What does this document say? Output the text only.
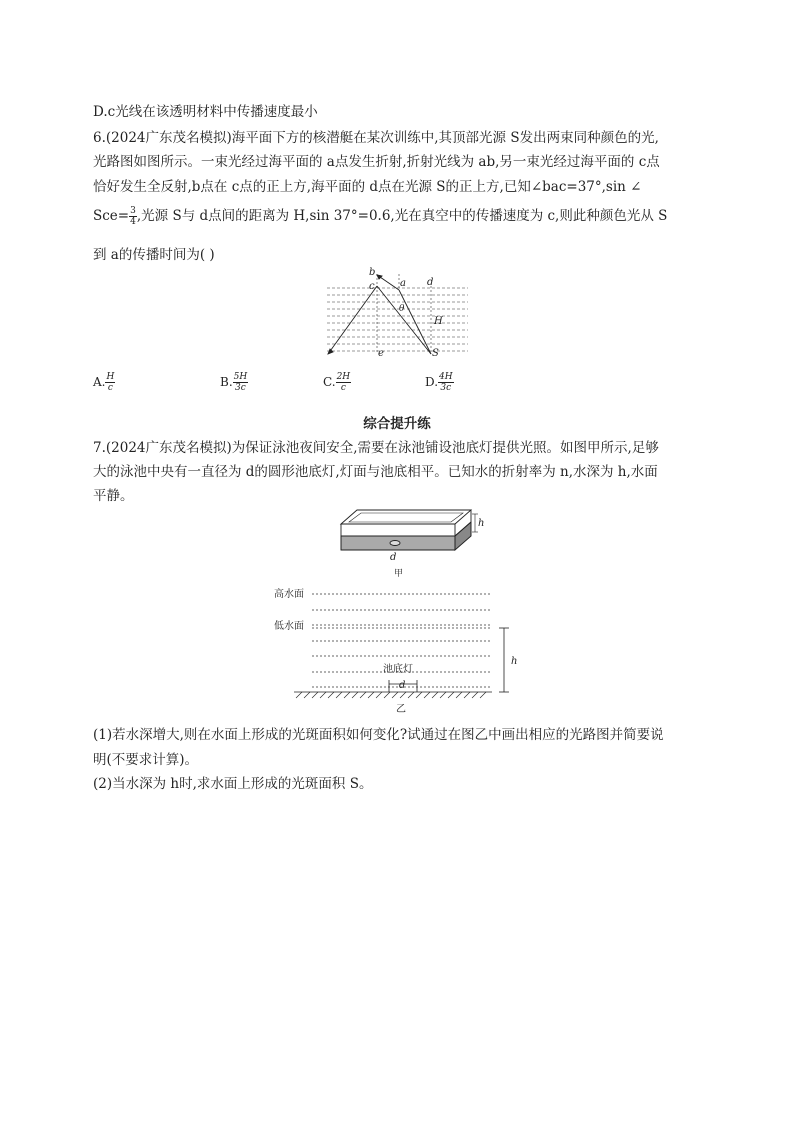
D.c光线在该透明材料中传播速度最小
6.(2024广东茂名模拟)海平面下方的核潜艇在某次训练中,其顶部光源 S发出两束同种颜色的光,
光路图如图所示。一束光经过海平面的 a点发生折射,折射光线为 ab,另一束光经过海平面的 c点
恰好发生全反射,b点在 c点的正上方,海平面的 d点在光源 S的正上方,已知∠bac=37°,sin ∠
$Sce= \frac{3}{4}$ ,光源 S与 d点间的距离为 H,sin 37°=0.6,光在真空中的传播速度为 c,则此种颜色光从 S
到 a的传播时间为( )
b
c	a d
θ
H
e	S
A. $\frac{H}{c}$	B. $\frac{5H}{3c}$	C. $\frac{2H}{c}$	D. $\frac{4H}{3c}$
综合提升练
7.(2024广东茂名模拟)为保证泳池夜间安全,需要在泳池铺设池底灯提供光照。如图甲所示,足够
大的泳池中央有一直径为 d的圆形池底灯,灯面与池底相平。已知水的折射率为 n,水深为 h,水面
平静。
h
d
甲
高水面
低水面
h
池底灯
d
乙
(1)若水深增大,则在水面上形成的光斑面积如何变化?试通过在图乙中画出相应的光路图并简要说
明(不要求计算)。
(2)当水深为 h时,求水面上形成的光斑面积 S。
